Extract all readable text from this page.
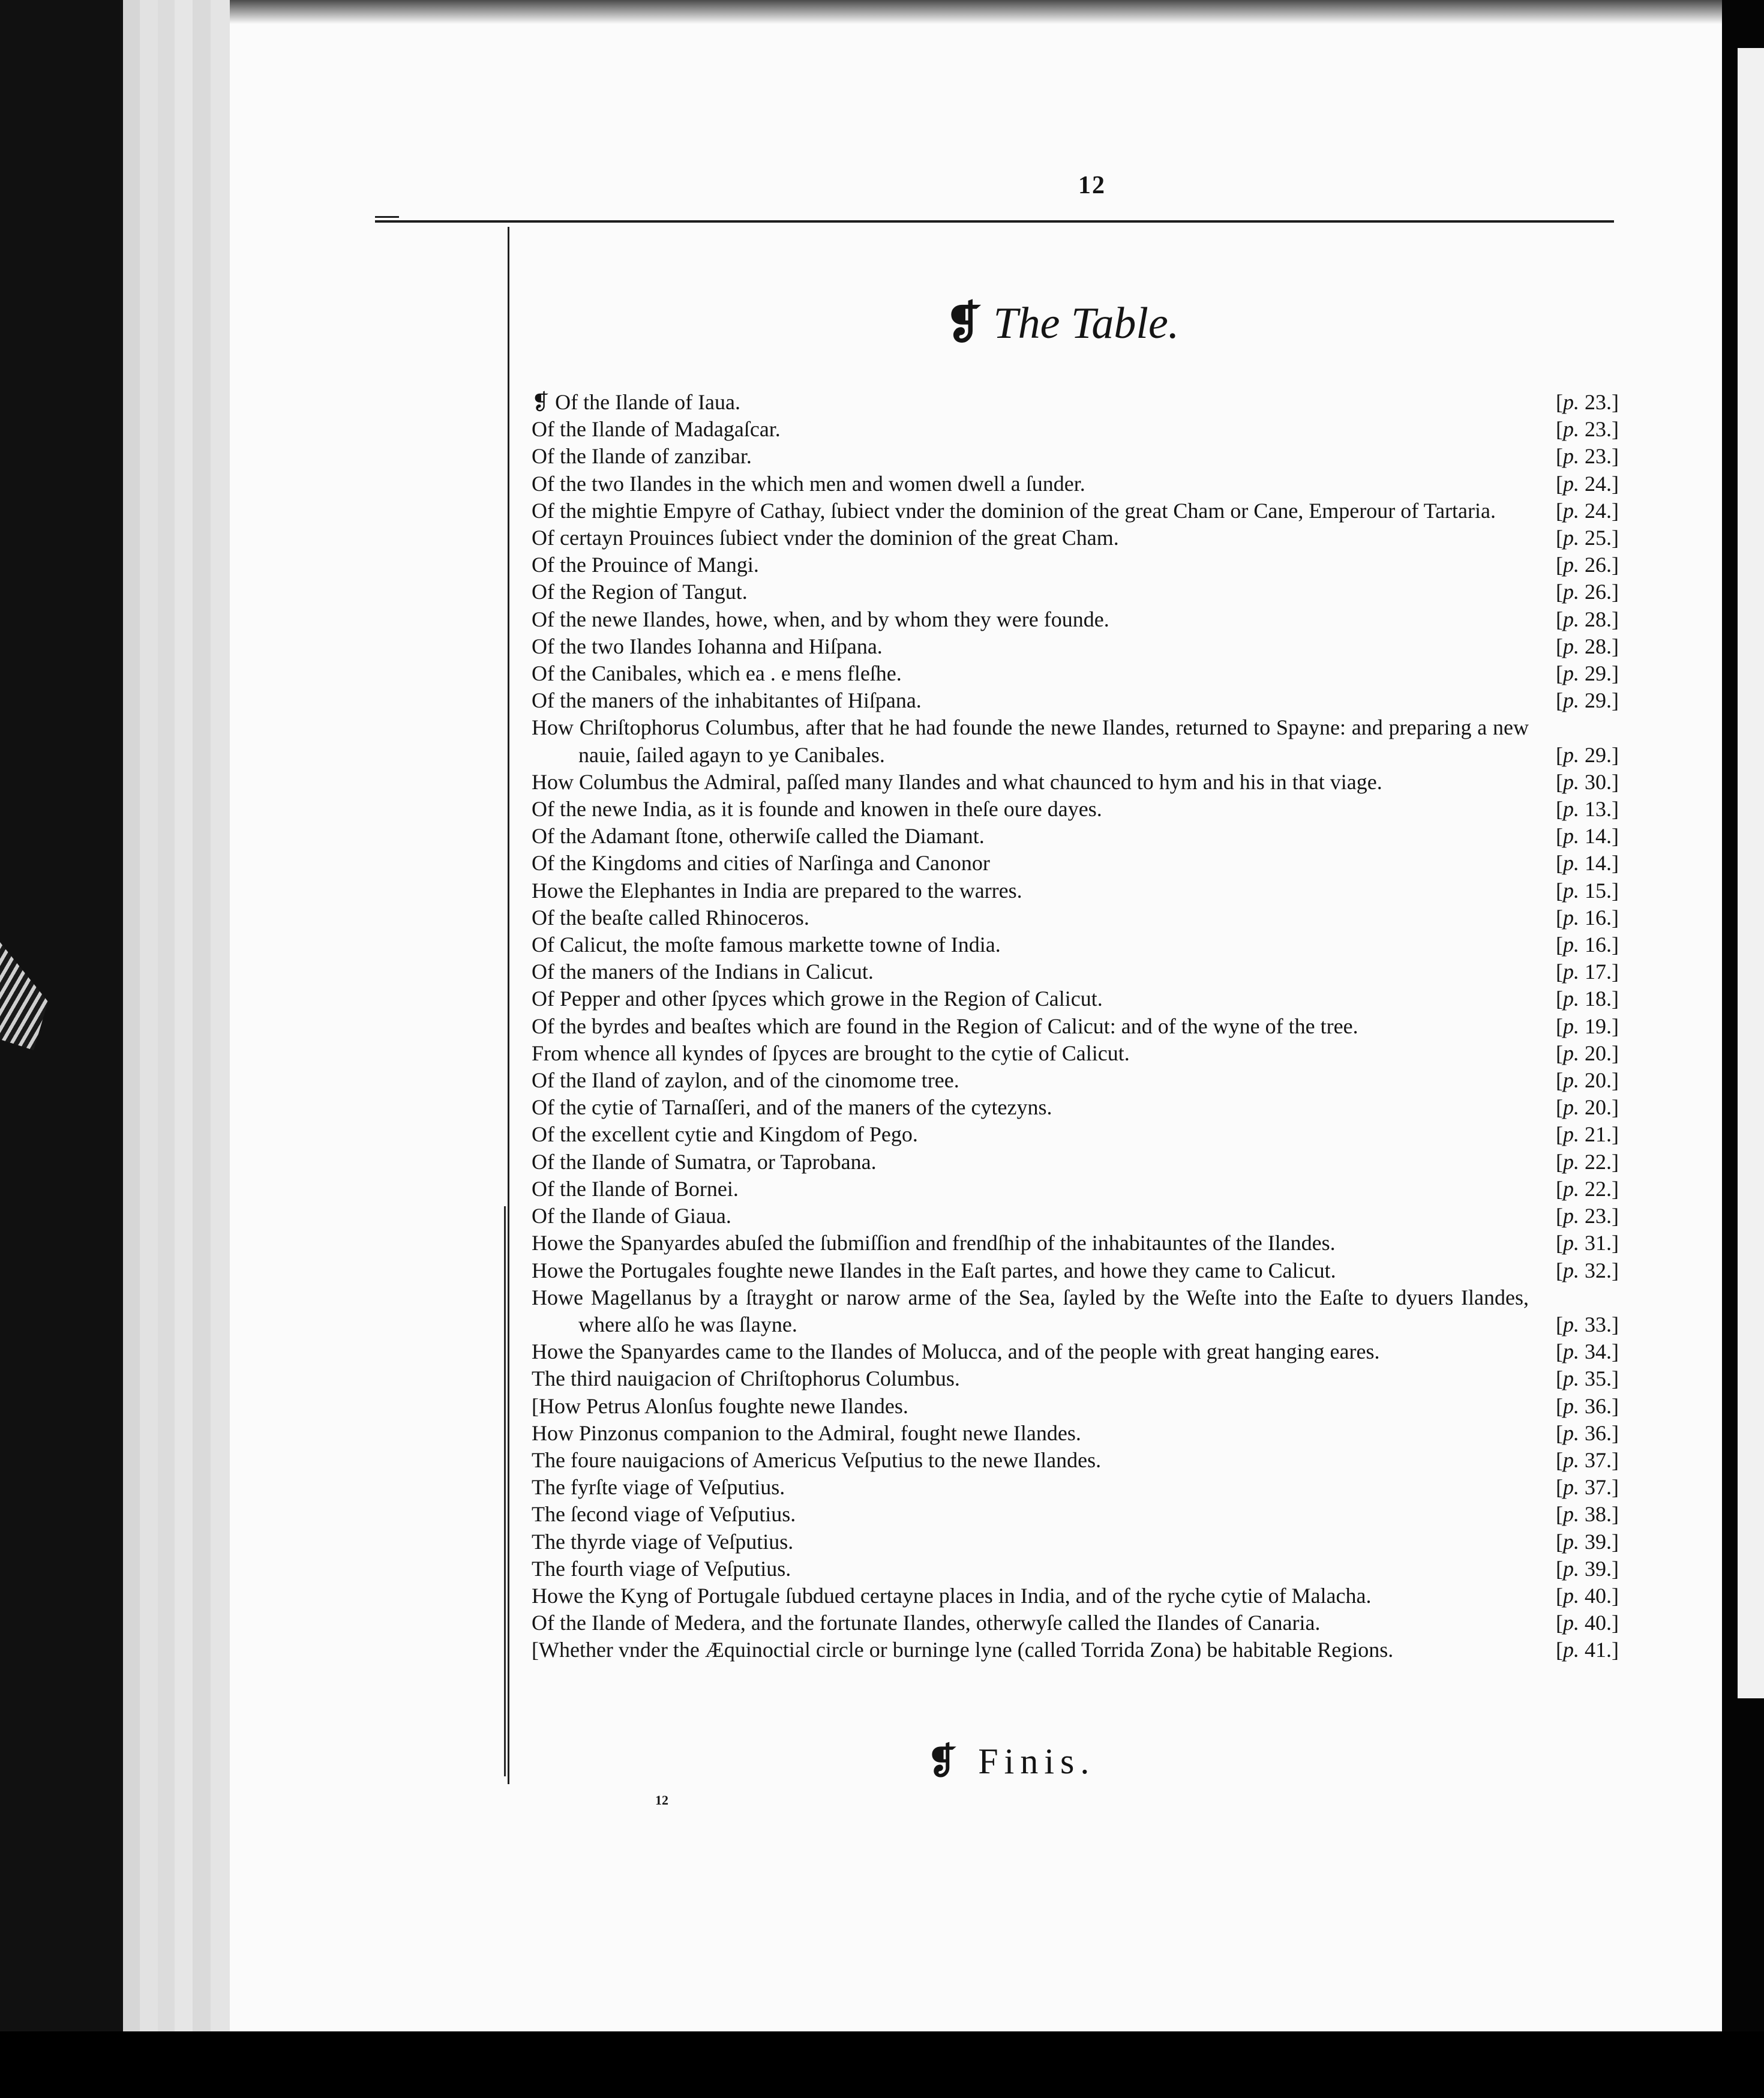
12
❡ The Table.
❡ Of the Ilande of Iaua.	[p. 23.]
Of the Ilande of Madagaſcar.	[p. 23.]
Of the Ilande of zanzibar.	[p. 23.]
Of the two Ilandes in the which men and women dwell a ſunder.	[p. 24.]
Of the mightie Empyre of Cathay, ſubiect vnder the dominion of the great Cham or Cane, Emperour of Tartaria.	[p. 24.]
Of certayn Prouinces ſubiect vnder the dominion of the great Cham.	[p. 25.]
Of the Prouince of Mangi.	[p. 26.]
Of the Region of Tangut.	[p. 26.]
Of the newe Ilandes, howe, when, and by whom they were founde.	[p. 28.]
Of the two Ilandes Iohanna and Hiſpana.	[p. 28.]
Of the Canibales, which ea . e mens fleſhe.	[p. 29.]
Of the maners of the inhabitantes of Hiſpana.	[p. 29.]
How Chriſtophorus Columbus, after that he had founde the newe Ilandes, returned to Spayne: and preparing a new nauie, ſailed agayn to ye Canibales.	[p. 29.]
How Columbus the Admiral, paſſed many Ilandes and what chaunced to hym and his in that viage.	[p. 30.]
Of the newe India, as it is founde and knowen in theſe oure dayes.	[p. 13.]
Of the Adamant ſtone, otherwiſe called the Diamant.	[p. 14.]
Of the Kingdoms and cities of Narſinga and Canonor	[p. 14.]
Howe the Elephantes in India are prepared to the warres.	[p. 15.]
Of the beaſte called Rhinoceros.	[p. 16.]
Of Calicut, the moſte famous markette towne of India.	[p. 16.]
Of the maners of the Indians in Calicut.	[p. 17.]
Of Pepper and other ſpyces which growe in the Region of Calicut.	[p. 18.]
Of the byrdes and beaſtes which are found in the Region of Calicut: and of the wyne of the tree.	[p. 19.]
From whence all kyndes of ſpyces are brought to the cytie of Calicut.	[p. 20.]
Of the Iland of zaylon, and of the cinomome tree.	[p. 20.]
Of the cytie of Tarnaſſeri, and of the maners of the cytezyns.	[p. 20.]
Of the excellent cytie and Kingdom of Pego.	[p. 21.]
Of the Ilande of Sumatra, or Taprobana.	[p. 22.]
Of the Ilande of Bornei.	[p. 22.]
Of the Ilande of Giaua.	[p. 23.]
Howe the Spanyardes abuſed the ſubmiſſion and frendſhip of the inhabitauntes of the Ilandes.	[p. 31.]
Howe the Portugales foughte newe Ilandes in the Eaſt partes, and howe they came to Calicut.	[p. 32.]
Howe Magellanus by a ſtrayght or narow arme of the Sea, ſayled by the Weſte into the Eaſte to dyuers Ilandes, where alſo he was ſlayne.	[p. 33.]
Howe the Spanyardes came to the Ilandes of Molucca, and of the people with great hanging eares.	[p. 34.]
The third nauigacion of Chriſtophorus Columbus.	[p. 35.]
[How Petrus Alonſus foughte newe Ilandes.	[p. 36.]
How Pinzonus companion to the Admiral, fought newe Ilandes.	[p. 36.]
The foure nauigacions of Americus Veſputius to the newe Ilandes.	[p. 37.]
The fyrſte viage of Veſputius.	[p. 37.]
The ſecond viage of Veſputius.	[p. 38.]
The thyrde viage of Veſputius.	[p. 39.]
The fourth viage of Veſputius.	[p. 39.]
Howe the Kyng of Portugale ſubdued certayne places in India, and of the ryche cytie of Malacha.	[p. 40.]
Of the Ilande of Medera, and the fortunate Ilandes, otherwyſe called the Ilandes of Canaria.	[p. 40.]
[Whether vnder the Æquinoctial circle or burninge lyne (called Torrida Zona) be habitable Regions.	[p. 41.]
❡ Finis.
12
